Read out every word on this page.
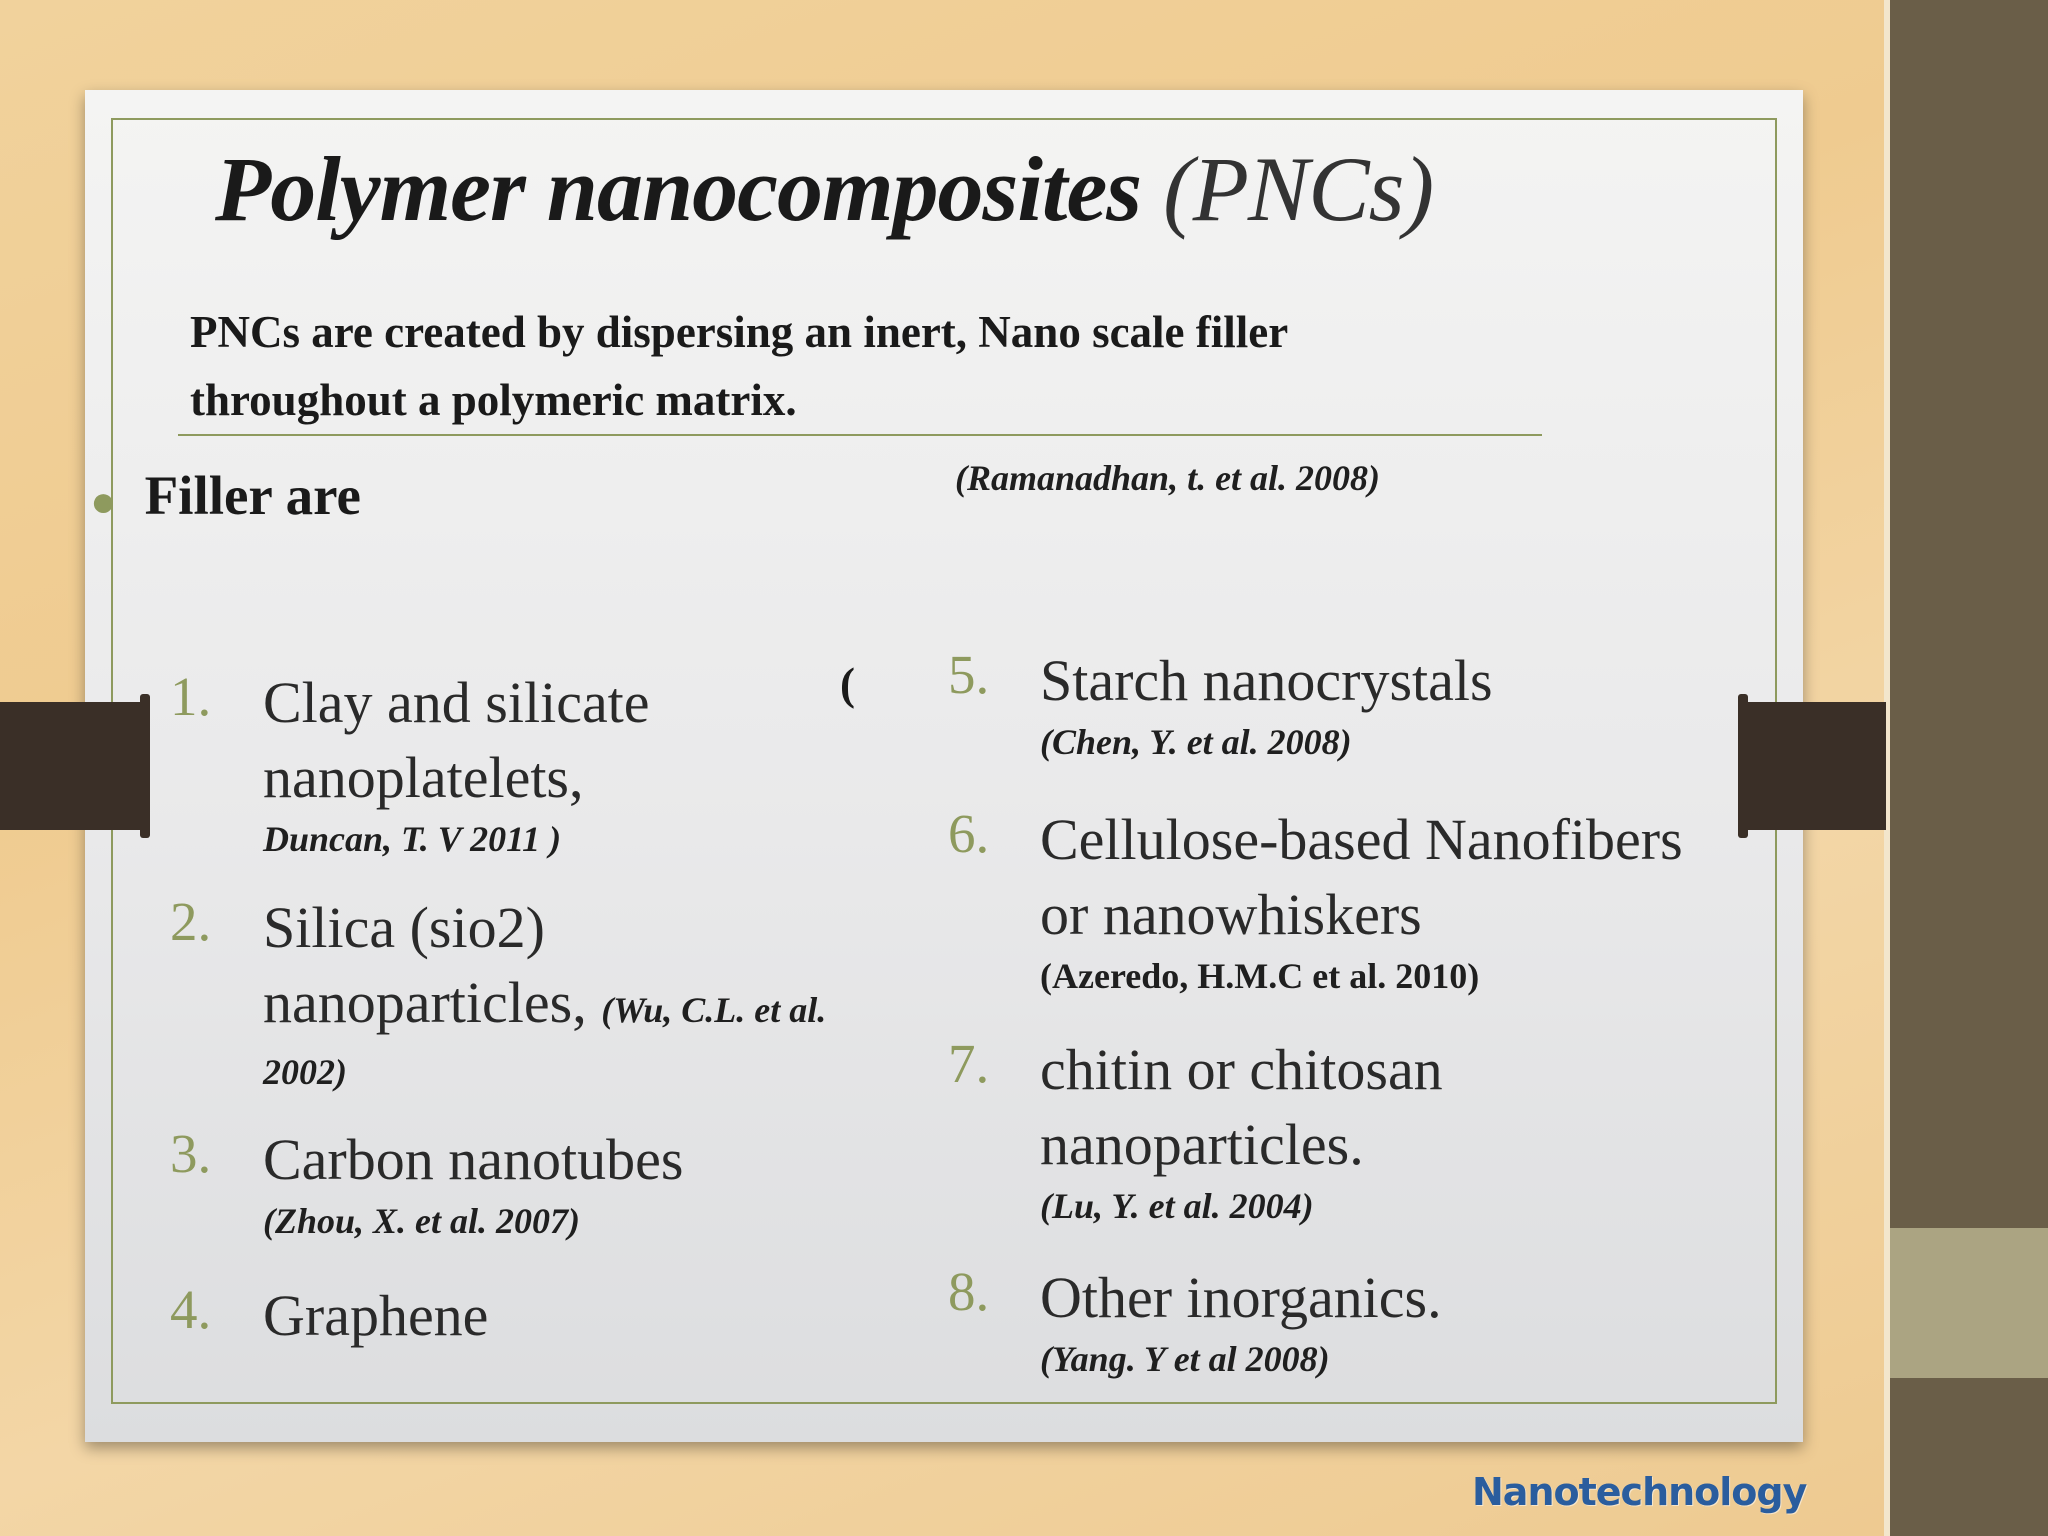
Polymer nanocomposites (PNCs)
PNCs are created by dispersing an inert, Nano scale filler
throughout a polymeric matrix.
● Filler are	(Ramanadhan, t. et al. 2008)
(
1. Clay and silicate
nanoplatelets,
Duncan, T. V 2011 )
2. Silica (sio2)
nanoparticles, (Wu, C.L. et al.
2002)
3. Carbon nanotubes
(Zhou, X. et al. 2007)
4. Graphene
5. Starch nanocrystals
(Chen, Y. et al. 2008)
6. Cellulose-based Nanofibers
or nanowhiskers
(Azeredo, H.M.C et al. 2010)
7. chitin or chitosan
nanoparticles.
(Lu, Y. et al. 2004)
8. Other inorganics.
(Yang. Y et al 2008)
Nanotechnology
